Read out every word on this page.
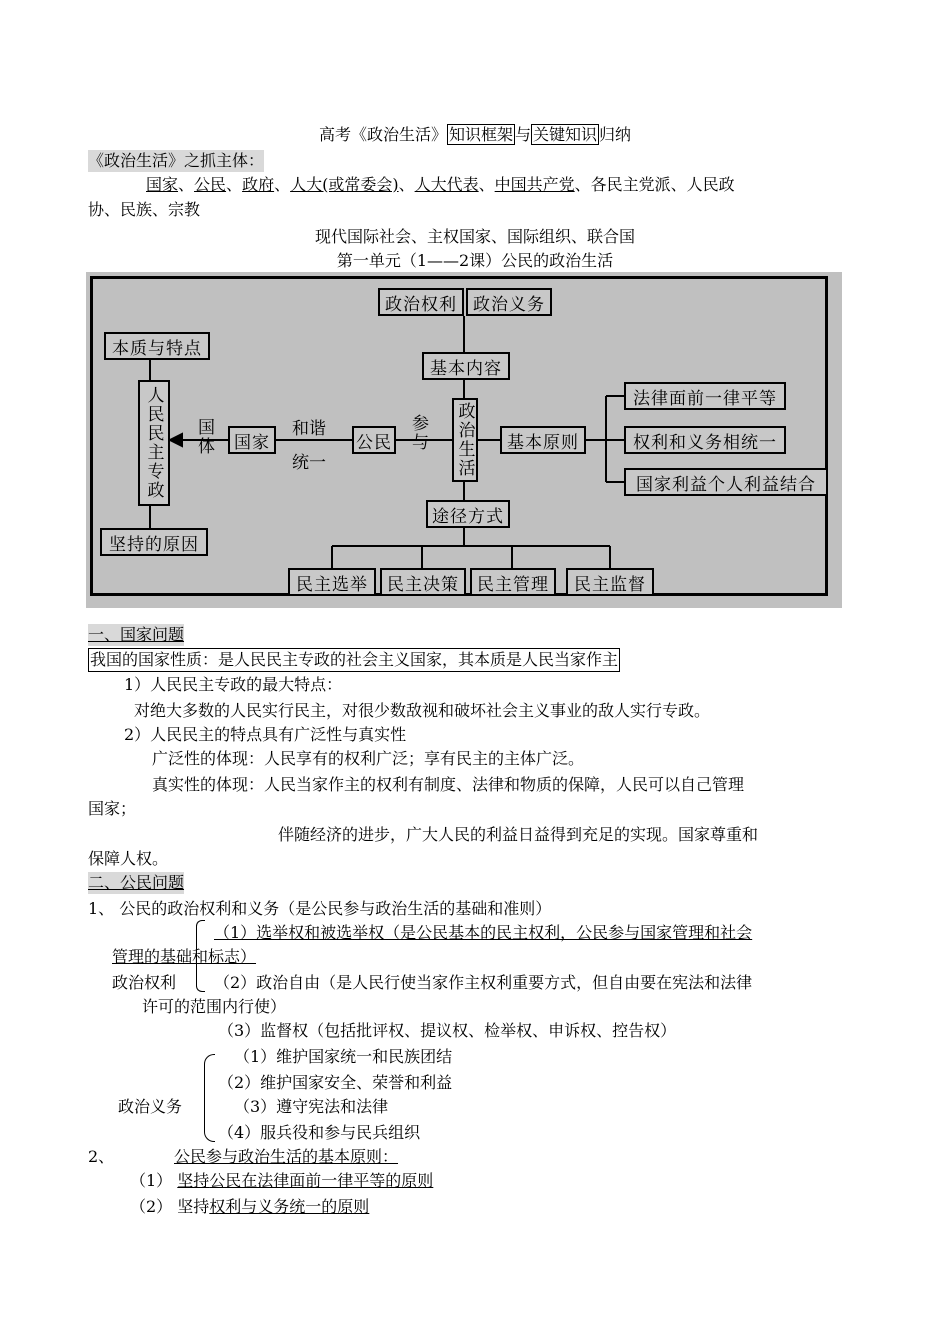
高考《政治生活》 知识框架 与 关键知识 归纳
《政治生活》之抓主体：
国家、公民、政府、人大(或常委会)、人大代表、中国共产党、各民主党派、人民政
协、民族、宗教
现代国际社会、主权国家、国际组织、联合国
第一单元（1——2课）公民的政治生活
政治权利 政治义务
本质与特点
基本内容
人民民主专政	国体	国家
和谐
统一
公民 参与 政治生活	基本原则
法律面前一律平等
权利和义务相统一
国家利益个人利益结合
坚持的原因
途径方式
民主选举	民主决策	民主管理	民主监督
一、国家问题
我国的国家性质：是人民民主专政的社会主义国家，其本质是人民当家作主
1）人民民主专政的最大特点：
对绝大多数的人民实行民主，对很少数敌视和破坏社会主义事业的敌人实行专政。
2）人民民主的特点具有广泛性与真实性
广泛性的体现：人民享有的权利广泛；享有民主的主体广泛。
真实性的体现：人民当家作主的权利有制度、法律和物质的保障，人民可以自己管理
国家；
伴随经济的进步，广大人民的利益日益得到充足的实现。国家尊重和
保障人权。
二、公民问题
1、 公民的政治权利和义务（是公民参与政治生活的基础和准则）
（1）选举权和被选举权（是公民基本的民主权利，公民参与国家管理和社会
管理的基础和标志）
政治权利 （2）政治自由（是人民行使当家作主权利重要方式，但自由要在宪法和法律
许可的范围内行使）
（3）监督权（包括批评权、提议权、检举权、申诉权、控告权）
（1）维护国家统一和民族团结
（2）维护国家安全、荣誉和利益
政治义务	（3）遵守宪法和法律
（4）服兵役和参与民兵组织
2、	公民参与政治生活的基本原则：
（1） 坚持公民在法律面前一律平等的原则
（2） 坚持权利与义务统一的原则
